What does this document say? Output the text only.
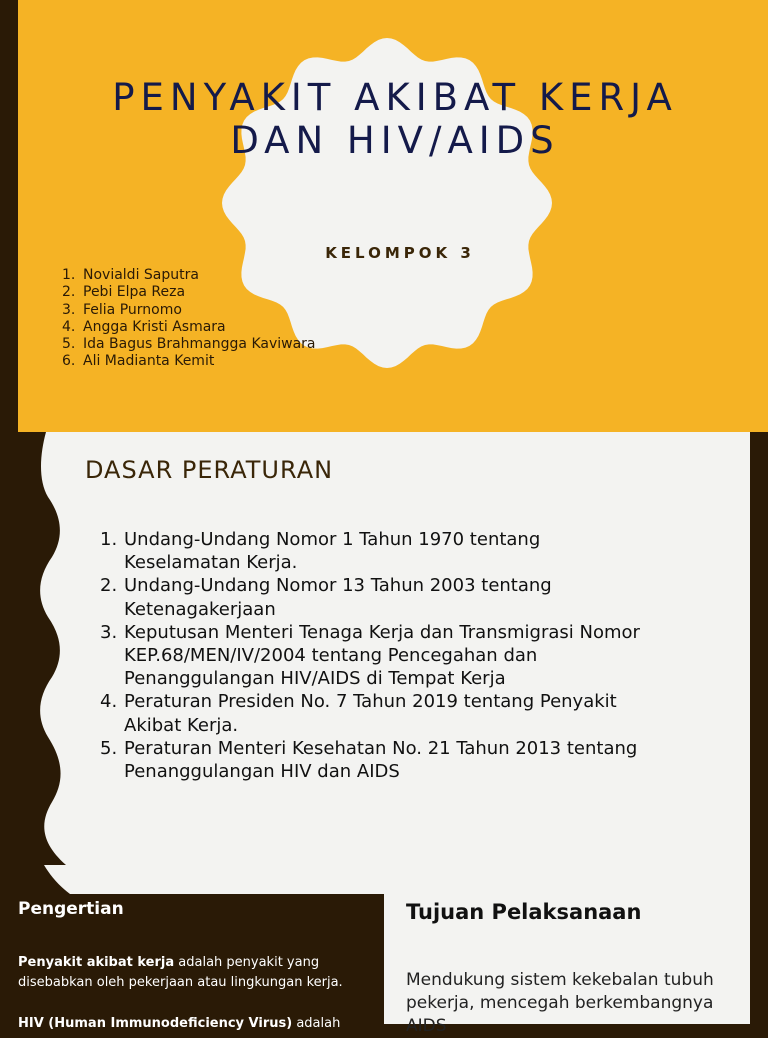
PENYAKIT AKIBAT KERJA
DAN HIV/AIDS
KELOMPOK 3
1. Novialdi Saputra
2. Pebi Elpa Reza
3. Felia Purnomo
4. Angga Kristi Asmara
5. Ida Bagus Brahmangga Kaviwara
6. Ali Madianta Kemit
DASAR PERATURAN
1. Undang-Undang Nomor 1 Tahun 1970 tentang Keselamatan Kerja.
2. Undang-Undang Nomor 13 Tahun 2003 tentang Ketenagakerjaan
3. Keputusan Menteri Tenaga Kerja dan Transmigrasi Nomor KEP.68/MEN/IV/2004 tentang Pencegahan dan Penanggulangan HIV/AIDS di Tempat Kerja
4. Peraturan Presiden No. 7 Tahun 2019 tentang Penyakit Akibat Kerja.
5. Peraturan Menteri Kesehatan No. 21 Tahun 2013 tentang Penanggulangan HIV dan AIDS
Pengertian

Penyakit akibat kerja adalah penyakit yang disebabkan oleh pekerjaan atau lingkungan kerja.

HIV (Human Immunodeficiency Virus) adalah

Tujuan Pelaksanaan

Mendukung sistem kekebalan tubuh pekerja, mencegah berkembangnya AIDS
